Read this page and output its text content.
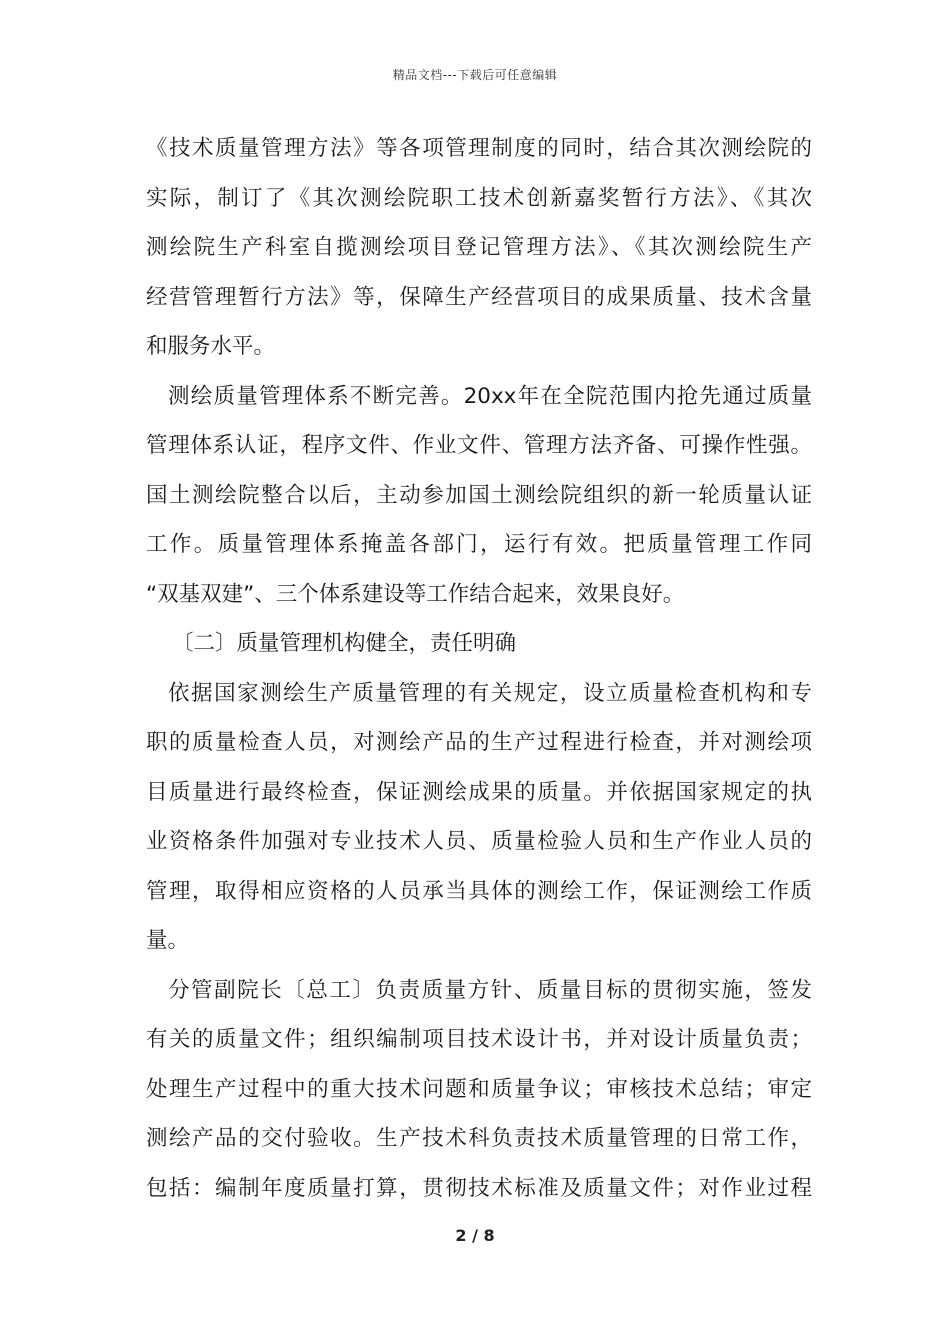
精品文档---下载后可任意编辑
《技术质量管理方法》等各项管理制度的同时，结合其次测绘院的
实际，制订了《其次测绘院职工技术创新嘉奖暂行方法》、《其次
测绘院生产科室自揽测绘项目登记管理方法》、《其次测绘院生产
经营管理暂行方法》等，保障生产经营项目的成果质量、技术含量
和服务水平。
测绘质量管理体系不断完善。20xx年在全院范围内抢先通过质量
管理体系认证，程序文件、作业文件、管理方法齐备、可操作性强。
国土测绘院整合以后，主动参加国土测绘院组织的新一轮质量认证
工作。质量管理体系掩盖各部门，运行有效。把质量管理工作同
“双基双建”、三个体系建设等工作结合起来，效果良好。
〔二〕质量管理机构健全，责任明确
依据国家测绘生产质量管理的有关规定，设立质量检查机构和专
职的质量检查人员，对测绘产品的生产过程进行检查，并对测绘项
目质量进行最终检查，保证测绘成果的质量。并依据国家规定的执
业资格条件加强对专业技术人员、质量检验人员和生产作业人员的
管理，取得相应资格的人员承当具体的测绘工作，保证测绘工作质
量。
分管副院长〔总工〕负责质量方针、质量目标的贯彻实施，签发
有关的质量文件；组织编制项目技术设计书，并对设计质量负责；
处理生产过程中的重大技术问题和质量争议；审核技术总结；审定
测绘产品的交付验收。生产技术科负责技术质量管理的日常工作，
包括：编制年度质量打算，贯彻技术标准及质量文件；对作业过程
2 / 8
